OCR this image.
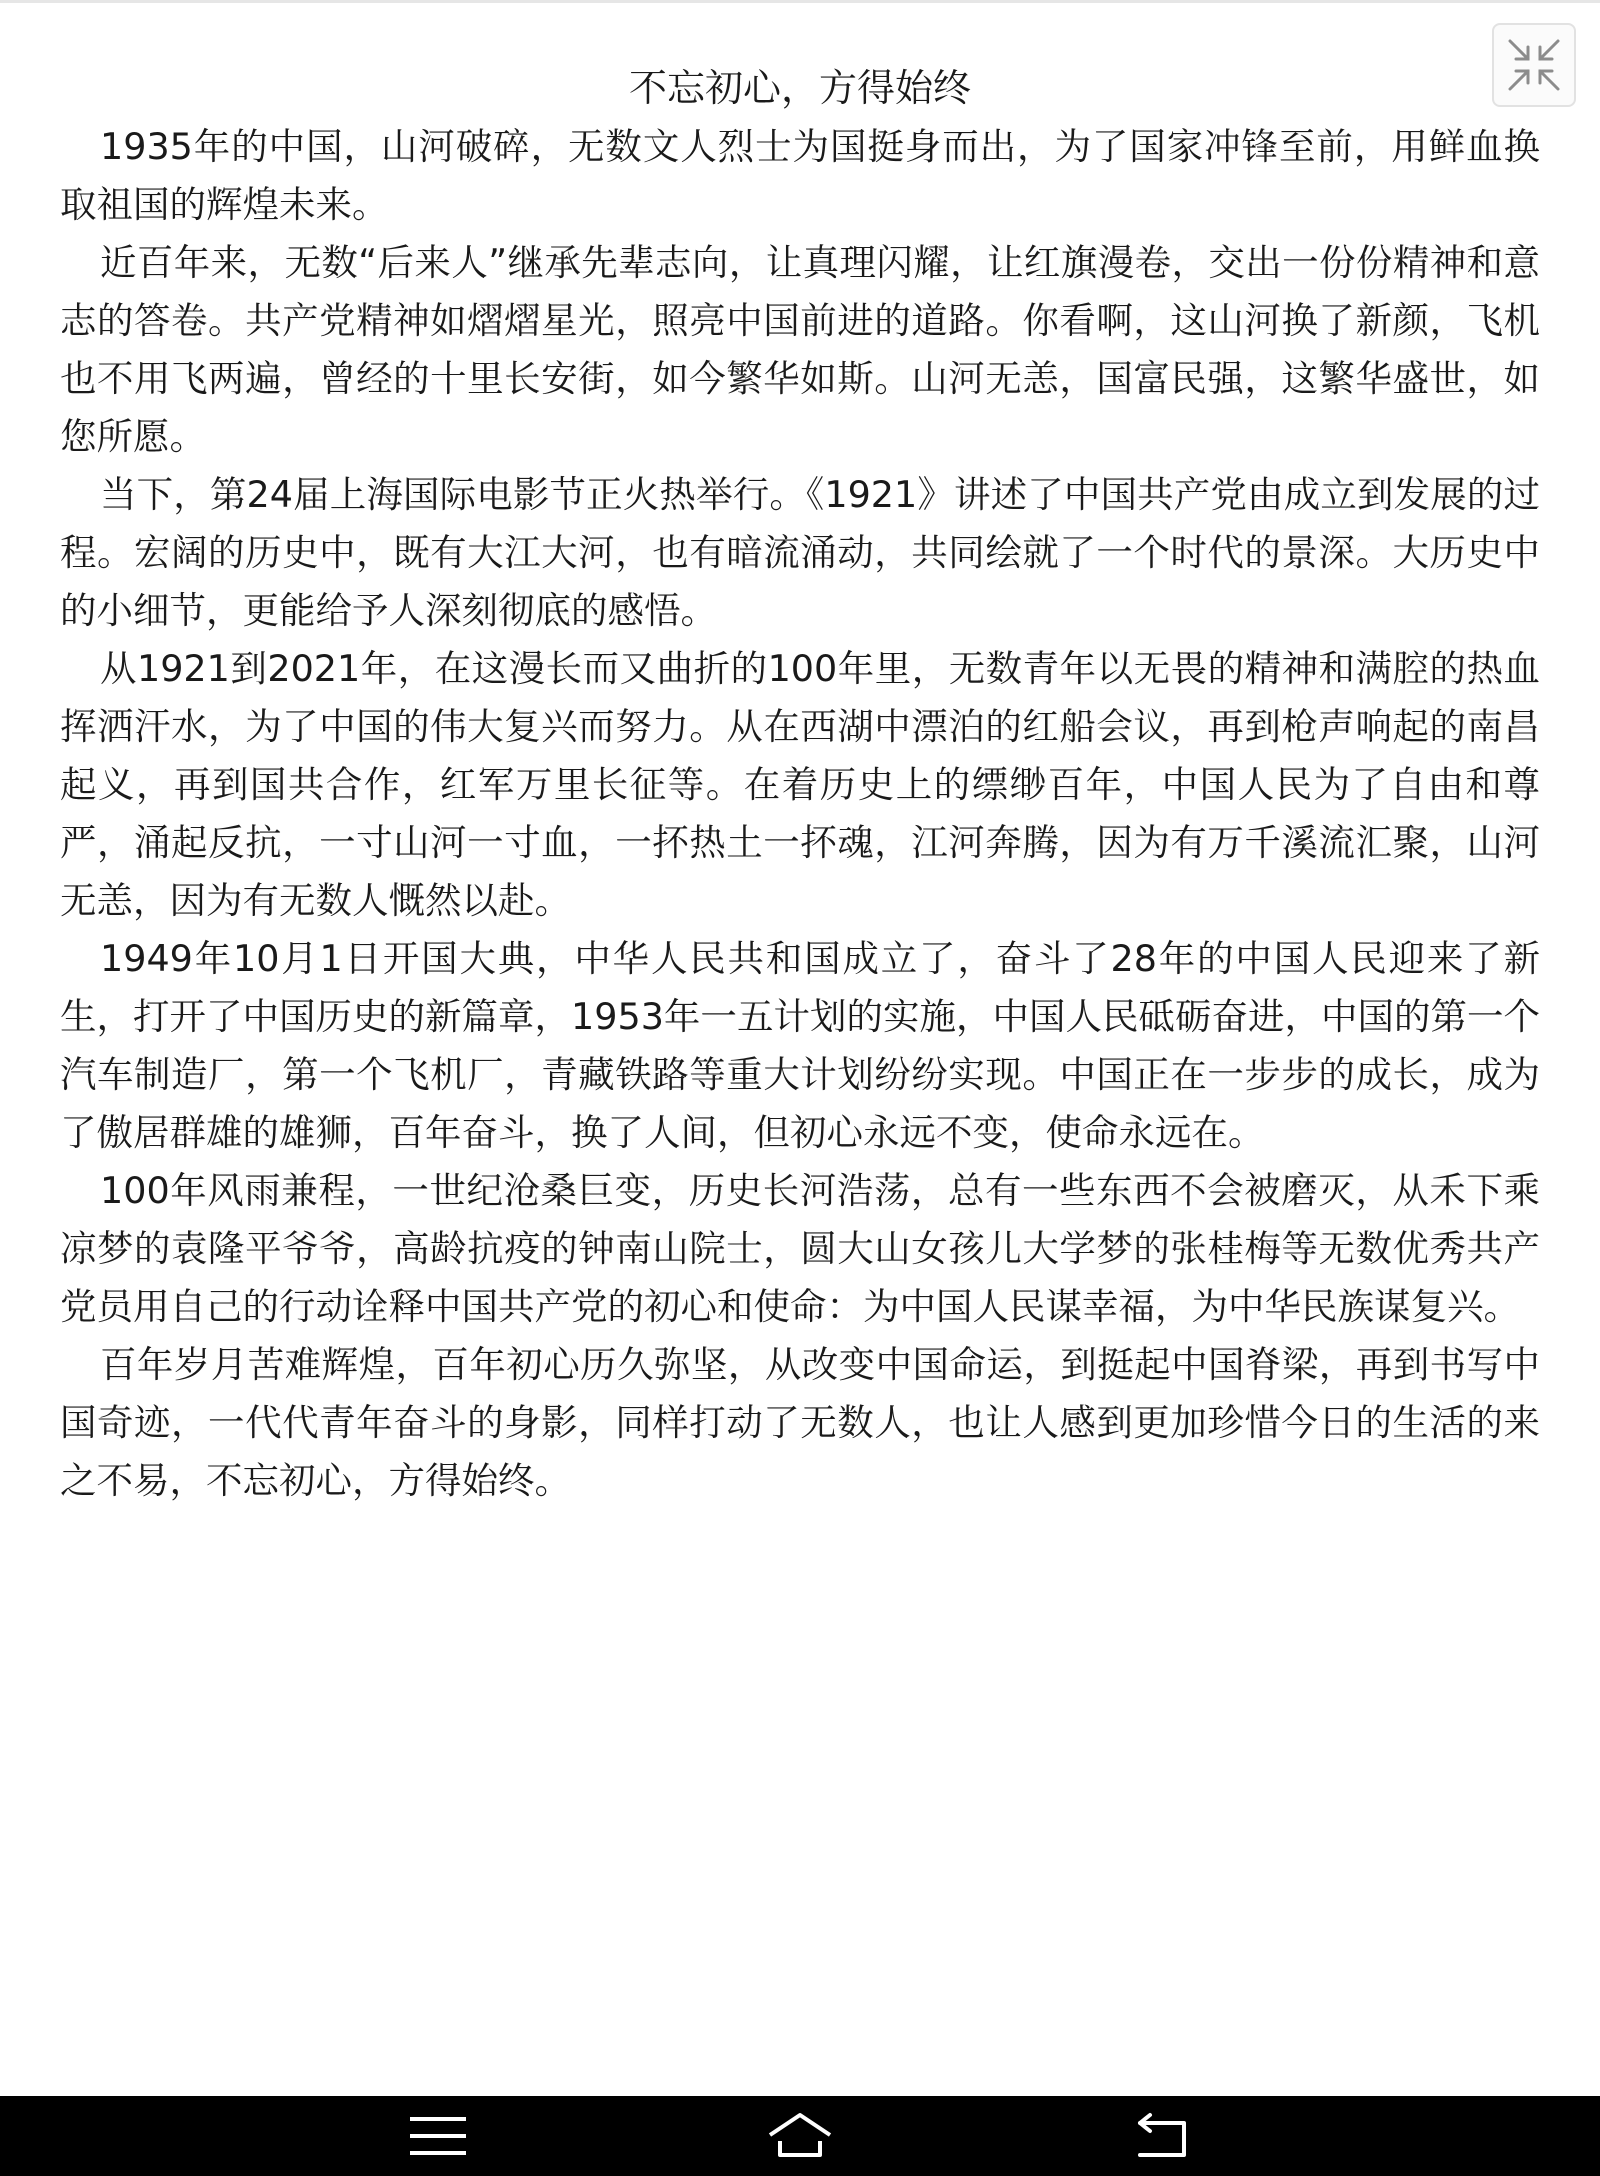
不忘初心，方得始终

1935年的中国，山河破碎，无数文人烈士为国挺身而出，为了国家冲锋至前，用鲜血换取祖国的辉煌未来。

近百年来，无数“后来人”继承先辈志向，让真理闪耀，让红旗漫卷，交出一份份精神和意志的答卷。共产党精神如熠熠星光，照亮中国前进的道路。你看啊，这山河换了新颜，飞机也不用飞两遍，曾经的十里长安街，如今繁华如斯。山河无恙，国富民强，这繁华盛世，如您所愿。

当下，第24届上海国际电影节正火热举行。《1921》讲述了中国共产党由成立到发展的过程。宏阔的历史中，既有大江大河，也有暗流涌动，共同绘就了一个时代的景深。大历史中的小细节，更能给予人深刻彻底的感悟。

从1921到2021年，在这漫长而又曲折的100年里，无数青年以无畏的精神和满腔的热血挥洒汗水，为了中国的伟大复兴而努力。从在西湖中漂泊的红船会议，再到枪声响起的南昌起义，再到国共合作，红军万里长征等。在着历史上的缥缈百年，中国人民为了自由和尊严，涌起反抗，一寸山河一寸血，一抔热土一抔魂，江河奔腾，因为有万千溪流汇聚，山河无恙，因为有无数人慨然以赴。

1949年10月1日开国大典，中华人民共和国成立了，奋斗了28年的中国人民迎来了新生，打开了中国历史的新篇章，1953年一五计划的实施，中国人民砥砺奋进，中国的第一个汽车制造厂，第一个飞机厂，青藏铁路等重大计划纷纷实现。中国正在一步步的成长，成为了傲居群雄的雄狮，百年奋斗，换了人间，但初心永远不变，使命永远在。

100年风雨兼程，一世纪沧桑巨变，历史长河浩荡，总有一些东西不会被磨灭，从禾下乘凉梦的袁隆平爷爷，高龄抗疫的钟南山院士，圆大山女孩儿大学梦的张桂梅等无数优秀共产党员用自己的行动诠释中国共产党的初心和使命：为中国人民谋幸福，为中华民族谋复兴。

百年岁月苦难辉煌，百年初心历久弥坚，从改变中国命运，到挺起中国脊梁，再到书写中国奇迹，一代代青年奋斗的身影，同样打动了无数人，也让人感到更加珍惜今日的生活的来之不易，不忘初心，方得始终。
